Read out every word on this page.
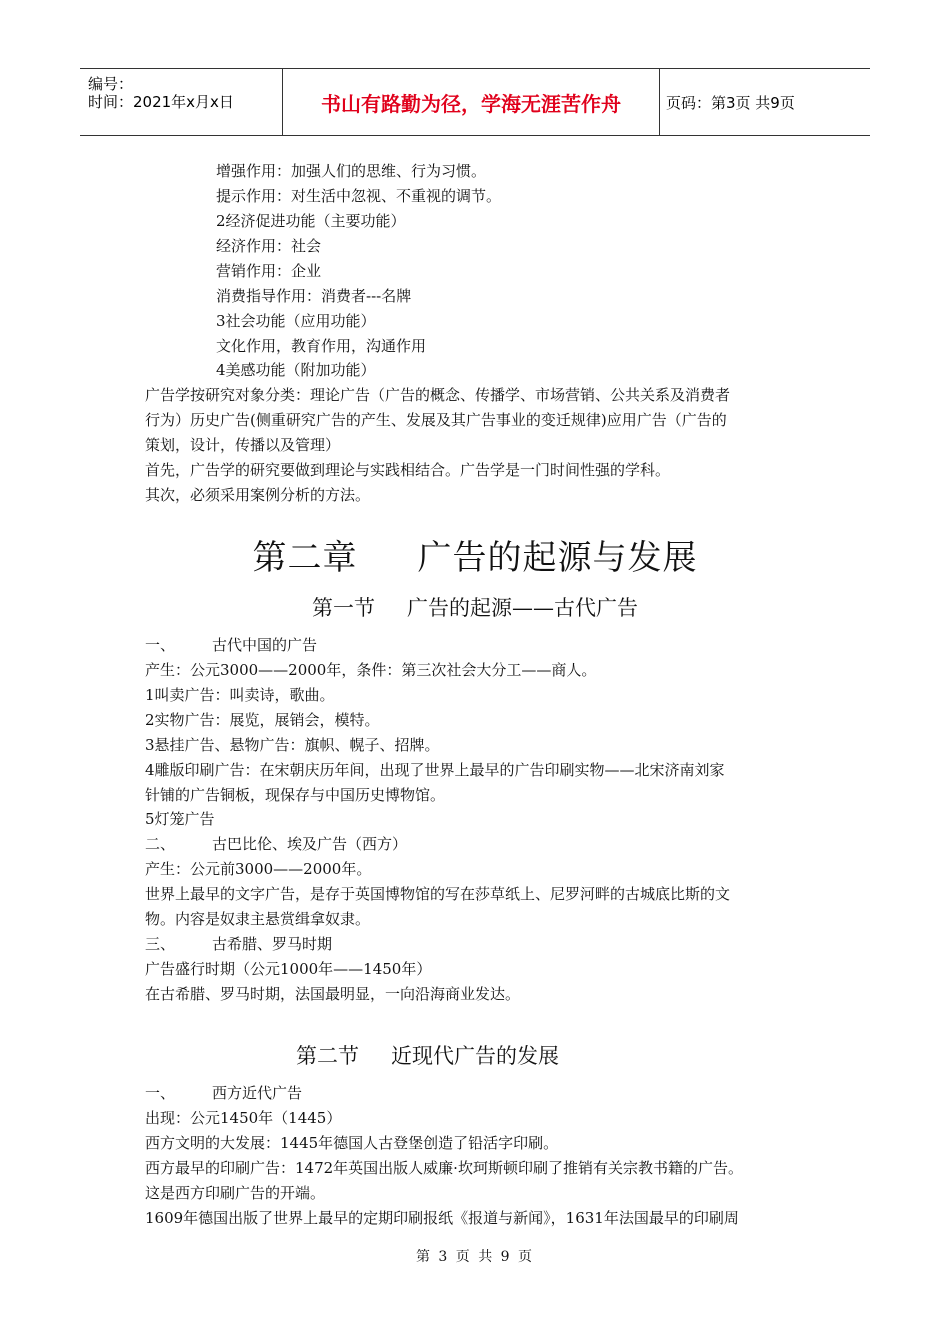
编号：
时间：2021年x月x日	书山有路勤为径，学海无涯苦作舟	页码：第3页 共9页
增强作用：加强人们的思维、行为习惯。
提示作用：对生活中忽视、不重视的调节。
2经济促进功能（主要功能）
经济作用：社会
营销作用：企业
消费指导作用：消费者---名牌
3社会功能（应用功能）
文化作用，教育作用，沟通作用
4美感功能（附加功能）
广告学按研究对象分类：理论广告（广告的概念、传播学、市场营销、公共关系及消费者
行为）历史广告(侧重研究广告的产生、发展及其广告事业的变迁规律)应用广告（广告的
策划，设计，传播以及管理）
首先，广告学的研究要做到理论与实践相结合。广告学是一门时间性强的学科。
其次，必须采用案例分析的方法。
第二章 广告的起源与发展
第一节 广告的起源——古代广告
一、 古代中国的广告
产生：公元3000——2000年，条件：第三次社会大分工——商人。
1叫卖广告：叫卖诗，歌曲。
2实物广告：展览，展销会，模特。
3悬挂广告、悬物广告：旗帜、幌子、招牌。
4雕版印刷广告：在宋朝庆历年间，出现了世界上最早的广告印刷实物——北宋济南刘家
针铺的广告铜板，现保存与中国历史博物馆。
5灯笼广告
二、 古巴比伦、埃及广告（西方）
产生：公元前3000——2000年。
世界上最早的文字广告，是存于英国博物馆的写在莎草纸上、尼罗河畔的古城底比斯的文
物。内容是奴隶主悬赏缉拿奴隶。
三、 古希腊、罗马时期
广告盛行时期（公元1000年——1450年）
在古希腊、罗马时期，法国最明显，一向沿海商业发达。
第二节 近现代广告的发展
一、 西方近代广告
出现：公元1450年（1445）
西方文明的大发展：1445年德国人古登堡创造了铅活字印刷。
西方最早的印刷广告：1472年英国出版人威廉·坎珂斯顿印刷了推销有关宗教书籍的广告。
这是西方印刷广告的开端。
1609年德国出版了世界上最早的定期印刷报纸《报道与新闻》，1631年法国最早的印刷周
第 3 页 共 9 页
